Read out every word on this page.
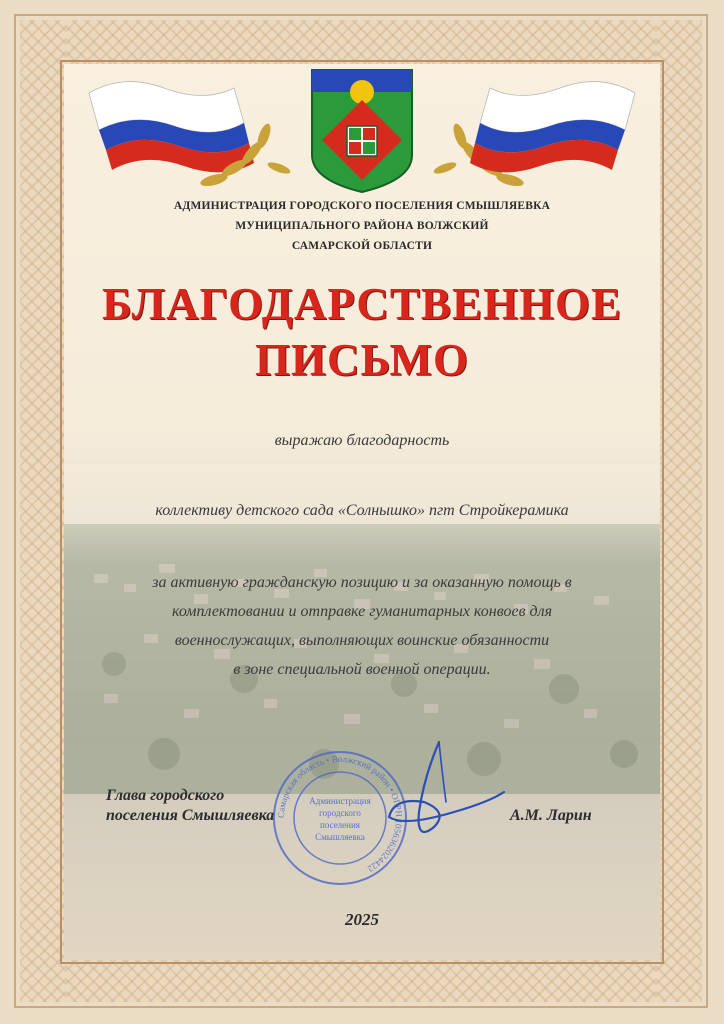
АДМИНИСТРАЦИЯ ГОРОДСКОГО ПОСЕЛЕНИЯ СМЫШЛЯЕВКА
МУНИЦИПАЛЬНОГО РАЙОНА ВОЛЖСКИЙ
САМАРСКОЙ ОБЛАСТИ
БЛАГОДАРСТВЕННОЕ
ПИСЬМО
выражаю благодарность
коллективу детского сада «Солнышко» пгт Стройкерамика
за активную гражданскую позицию и за оказанную помощь в
комплектовании и отправке гуманитарных конвоев для
военнослужащих, выполняющих воинские обязанности
в зоне специальной военной операции.
Глава городского
поселения Смышляевка	А.М. Ларин
Самарская область • Волжский район • ОГРН 1056362024422
Администрация
городского
поселения
Смышляевка
2025
